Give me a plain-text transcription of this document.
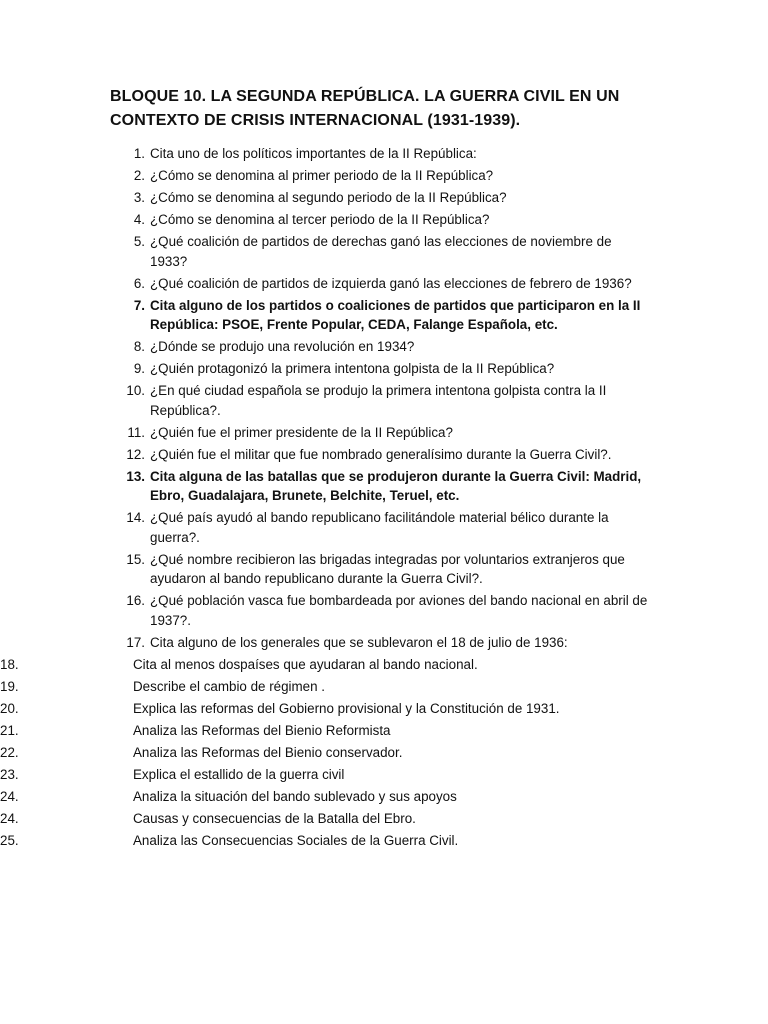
BLOQUE 10. LA SEGUNDA REPÚBLICA. LA GUERRA CIVIL EN UN
CONTEXTO DE CRISIS INTERNACIONAL (1931-1939).
1. Cita uno de los políticos importantes de la II República:
2. ¿Cómo se denomina al primer periodo de la II República?
3. ¿Cómo se denomina al segundo periodo de la II República?
4. ¿Cómo se denomina al tercer periodo de la II República?
5. ¿Qué coalición de partidos de derechas ganó las elecciones de noviembre de 1933?
6. ¿Qué coalición de partidos de izquierda ganó las elecciones de febrero de 1936?
7. Cita alguno de los partidos o coaliciones de partidos que participaron en la II República: PSOE, Frente Popular, CEDA, Falange Española, etc.
8. ¿Dónde se produjo una revolución en 1934?
9. ¿Quién protagonizó la primera intentona golpista de la II República?
10. ¿En qué ciudad española se produjo la primera intentona golpista contra la II República?.
11. ¿Quién fue el primer presidente de la II República?
12. ¿Quién fue el militar que fue nombrado generalísimo durante la Guerra Civil?.
13. Cita alguna de las batallas que se produjeron durante la Guerra Civil: Madrid, Ebro, Guadalajara, Brunete, Belchite, Teruel, etc.
14. ¿Qué país ayudó al bando republicano facilitándole material bélico durante la guerra?.
15. ¿Qué nombre recibieron las brigadas integradas por voluntarios extranjeros que ayudaron al bando republicano durante la Guerra Civil?.
16. ¿Qué población vasca fue bombardeada por aviones del bando nacional en abril de 1937?.
17. Cita alguno de los generales que se sublevaron el 18 de julio de 1936:
18.	Cita al menos dospaíses que ayudaran al bando nacional.
19.	Describe el cambio de régimen .
20.	Explica las reformas del Gobierno provisional y la Constitución de 1931.
21.	Analiza las Reformas del Bienio Reformista
22.	Analiza las Reformas del Bienio conservador.
23.	Explica el estallido de la guerra civil
24.	Analiza la situación del bando sublevado y sus apoyos
24.	Causas y consecuencias de la Batalla del Ebro.
25.	Analiza las Consecuencias Sociales de la Guerra Civil.
